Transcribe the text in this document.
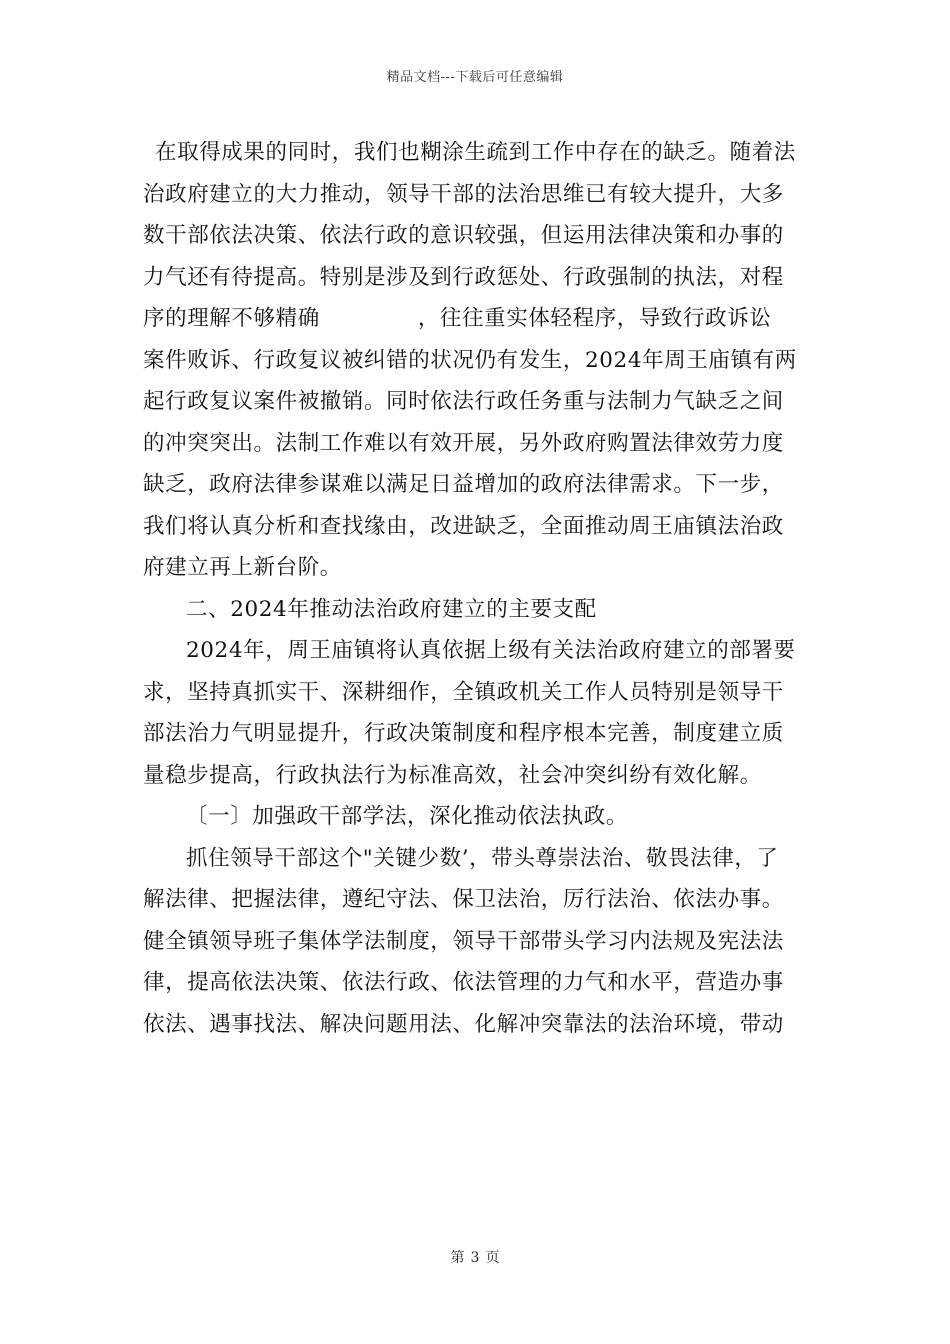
精品文档---下载后可任意编辑
在取得成果的同时，我们也糊涂生疏到工作中存在的缺乏。随着法
治政府建立的大力推动，领导干部的法治思维已有较大提升，大多
数干部依法决策、依法行政的意识较强，但运用法律决策和办事的
力气还有待提高。特别是涉及到行政惩处、行政强制的执法，对程
序的理解不够精确	，往往重实体轻程序，导致行政诉讼
案件败诉、行政复议被纠错的状况仍有发生，2024年周王庙镇有两
起行政复议案件被撤销。同时依法行政任务重与法制力气缺乏之间
的冲突突出。法制工作难以有效开展，另外政府购置法律效劳力度
缺乏，政府法律参谋难以满足日益增加的政府法律需求。下一步，
我们将认真分析和查找缘由，改进缺乏，全面推动周王庙镇法治政
府建立再上新台阶。
二、2024年推动法治政府建立的主要支配
2024年，周王庙镇将认真依据上级有关法治政府建立的部署要
求，坚持真抓实干、深耕细作，全镇政机关工作人员特别是领导干
部法治力气明显提升，行政决策制度和程序根本完善，制度建立质
量稳步提高，行政执法行为标准高效，社会冲突纠纷有效化解。
〔一〕加强政干部学法，深化推动依法执政。
抓住领导干部这个"关键少数’，带头尊崇法治、敬畏法律，了
解法律、把握法律，遵纪守法、保卫法治，厉行法治、依法办事。
健全镇领导班子集体学法制度，领导干部带头学习内法规及宪法法
律，提高依法决策、依法行政、依法管理的力气和水平，营造办事
依法、遇事找法、解决问题用法、化解冲突靠法的法治环境，带动
第 3 页
